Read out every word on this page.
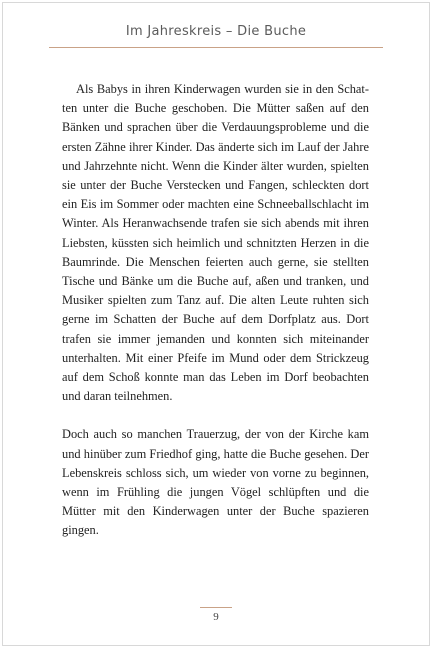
Im Jahreskreis – Die Buche

Als Babys in ihren Kinderwagen wurden sie in den Schatten unter die Buche geschoben. Die Mütter saßen auf den Bänken und sprachen über die Verdauungsprobleme und die ersten Zähne ihrer Kinder. Das änderte sich im Lauf der Jahre und Jahrzehnte nicht. Wenn die Kinder älter wurden, spielten sie unter der Buche Verstecken und Fangen, schleckten dort ein Eis im Sommer oder machten eine Schneeballschlacht im Winter. Als Heranwachsende trafen sie sich abends mit ihren Liebsten, küssten sich heimlich und schnitzten Herzen in die Baumrinde. Die Menschen feierten auch gerne, sie stellten Tische und Bänke um die Buche auf, aßen und tranken, und Musiker spielten zum Tanz auf. Die alten Leute ruhten sich gerne im Schatten der Buche auf dem Dorfplatz aus. Dort trafen sie immer jemanden und konnten sich miteinander unterhalten. Mit einer Pfeife im Mund oder dem Strickzeug auf dem Schoß konnte man das Leben im Dorf beobachten und daran teilnehmen.

Doch auch so manchen Trauerzug, der von der Kirche kam und hinüber zum Friedhof ging, hatte die Buche gesehen. Der Lebenskreis schloss sich, um wieder von vorne zu beginnen, wenn im Frühling die jungen Vögel schlüpften und die Mütter mit den Kinderwagen unter der Buche spazieren gingen.

9
